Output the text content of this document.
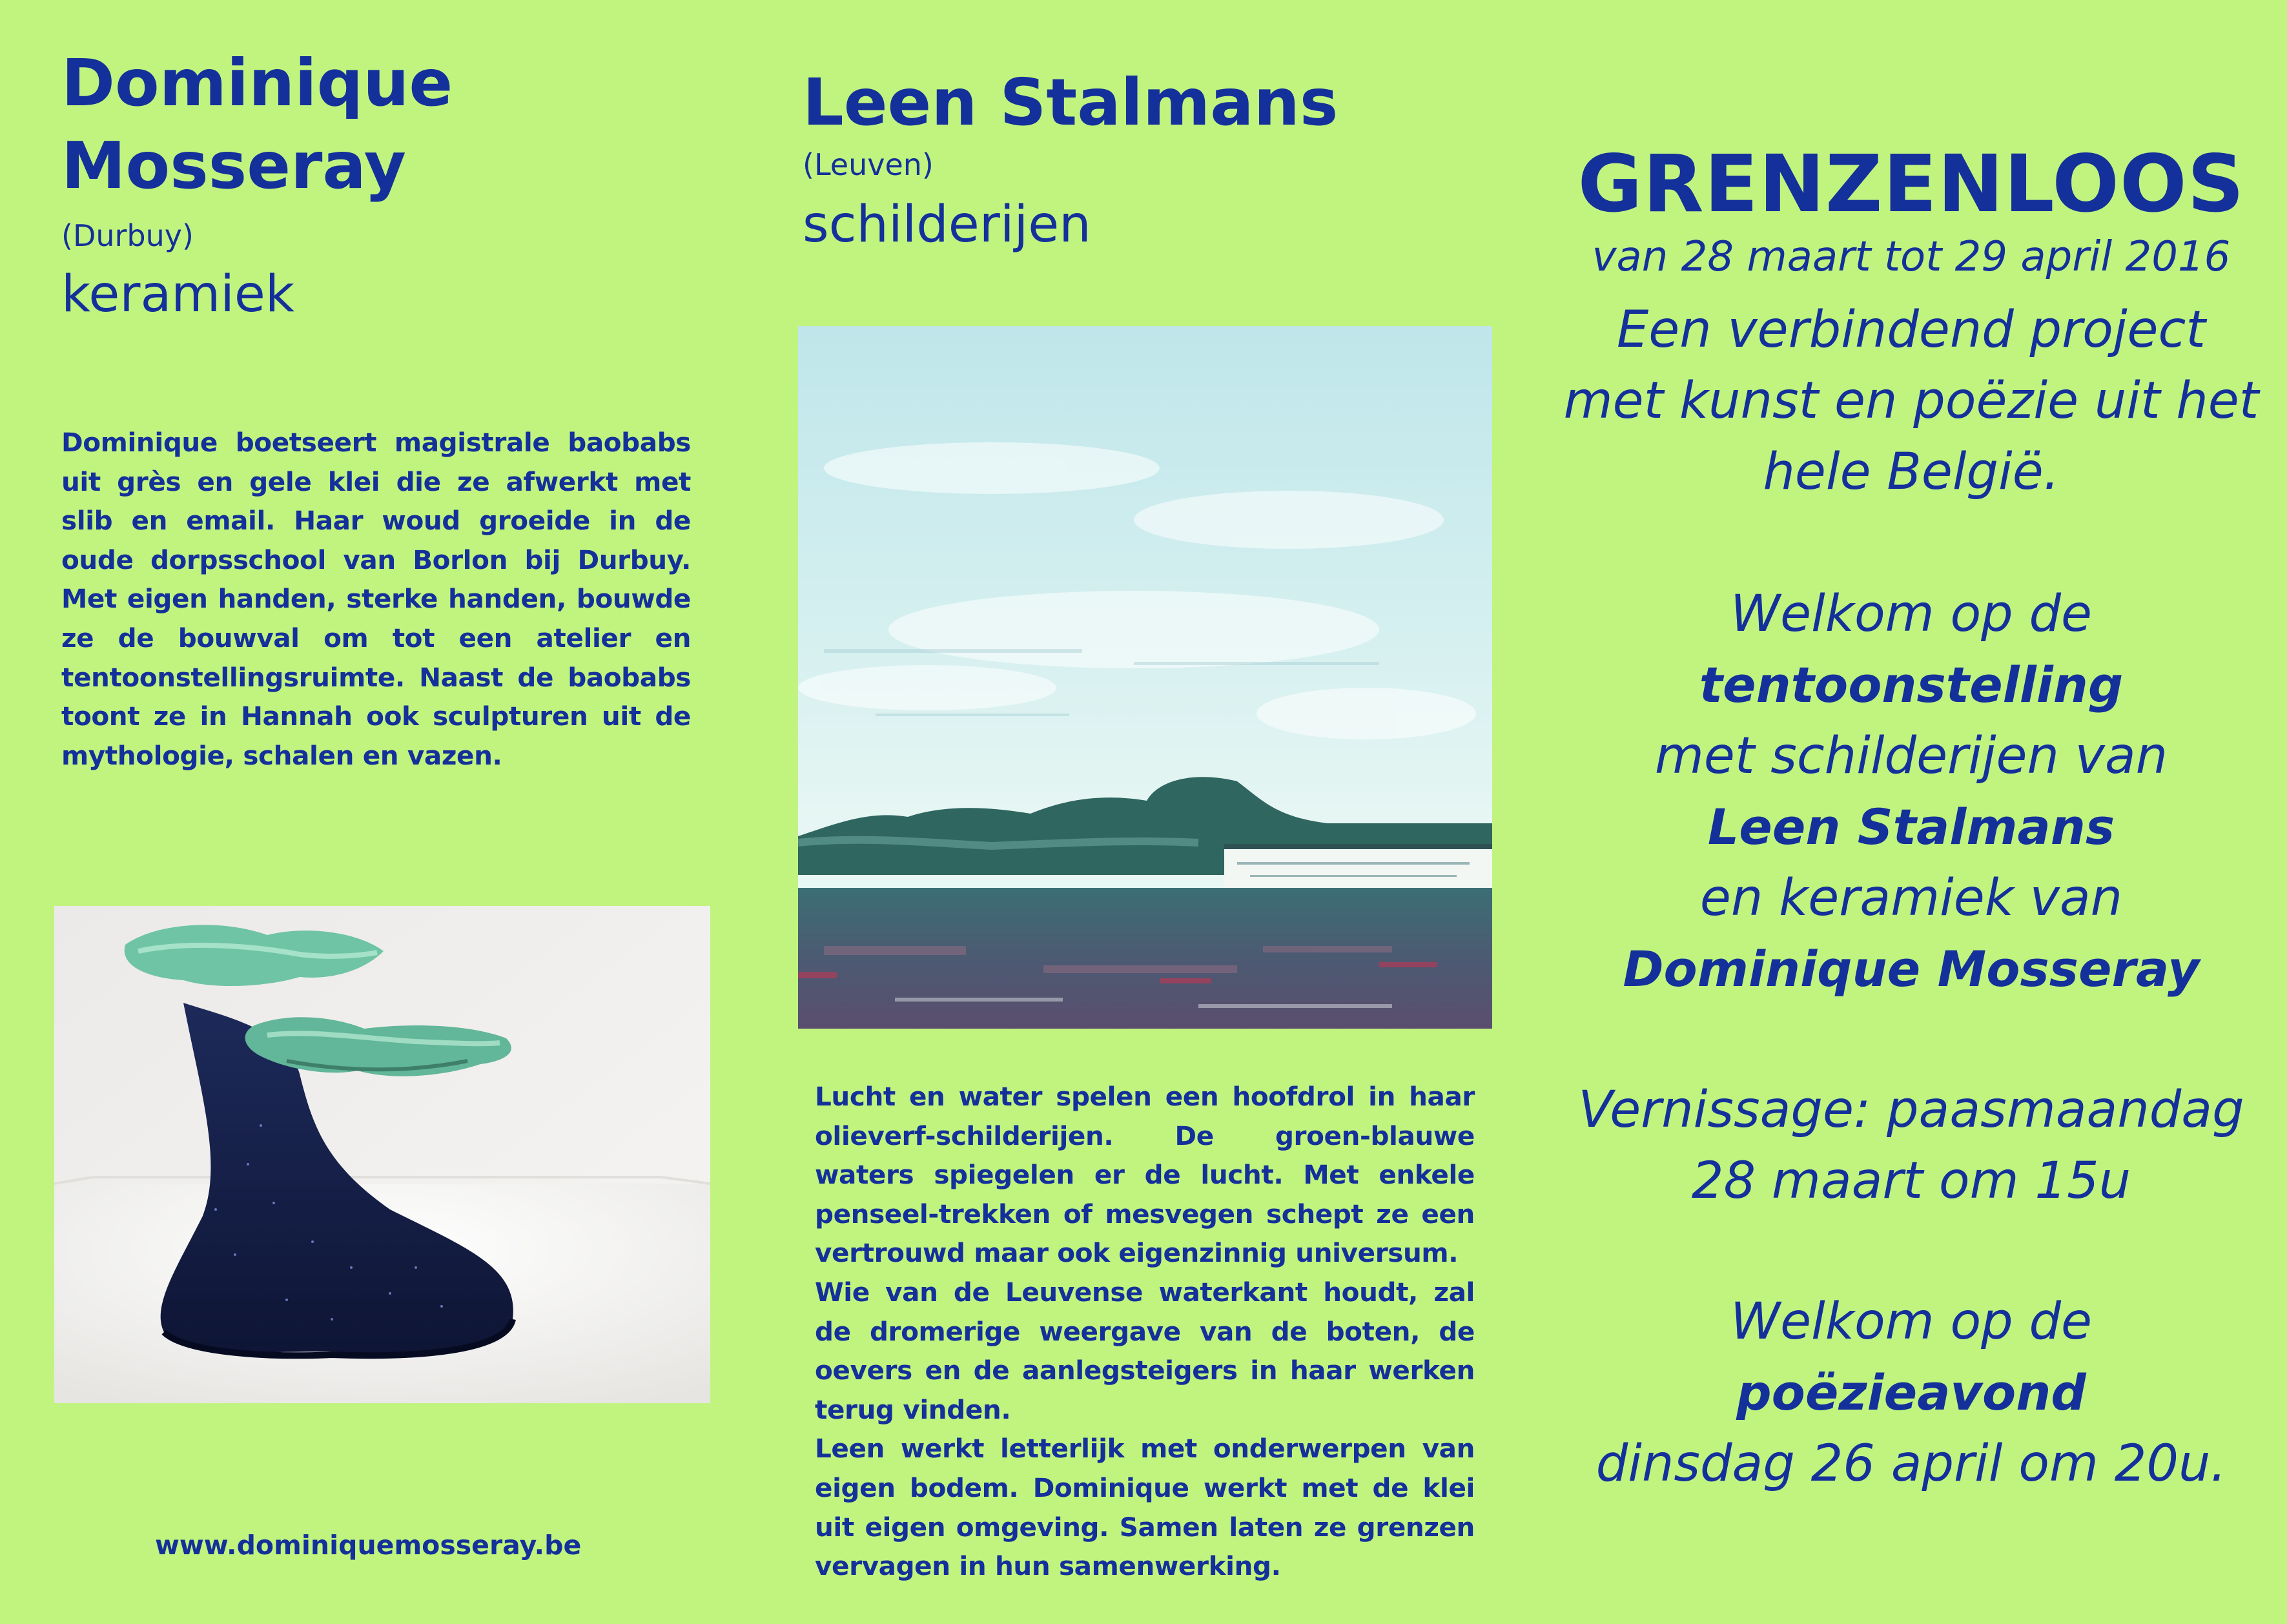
Dominique
Mosseray
(Durbuy)
keramiek
Dominique boetseert magistrale baobabs uit grès en gele klei die ze afwerkt met slib en email. Haar woud groeide in de oude dorpsschool van Borlon bij Durbuy. Met eigen handen, sterke handen, bouwde ze de bouwval om tot een atelier en tentoonstellingsruimte. Naast de baobabs toont ze in Hannah ook sculpturen uit de mythologie, schalen en vazen.
www.dominiquemosseray.be
Leen Stalmans
(Leuven)
schilderijen

Lucht en water spelen een hoofdrol in haar olieverf-schilderijen. De groen-blauwe waters spiegelen er de lucht. Met enkele penseel-trekken of mesvegen schept ze een vertrouwd maar ook eigenzinnig universum.

Wie van de Leuvense waterkant houdt, zal de dromerige weergave van de boten, de oevers en de aanlegsteigers in haar werken terug vinden.

Leen werkt letterlijk met onderwerpen van eigen bodem. Dominique werkt met de klei uit eigen omgeving. Samen laten ze grenzen vervagen in hun samenwerking.

GRENZENLOOS
van 28 maart tot 29 april 2016
Een verbindend project
met kunst en poëzie uit het
hele België.
Welkom op de
tentoonstelling
met schilderijen van
Leen Stalmans
en keramiek van
Dominique Mosseray
Vernissage: paasmaandag
28 maart om 15u
Welkom op de
poëzieavond
dinsdag 26 april om 20u.
